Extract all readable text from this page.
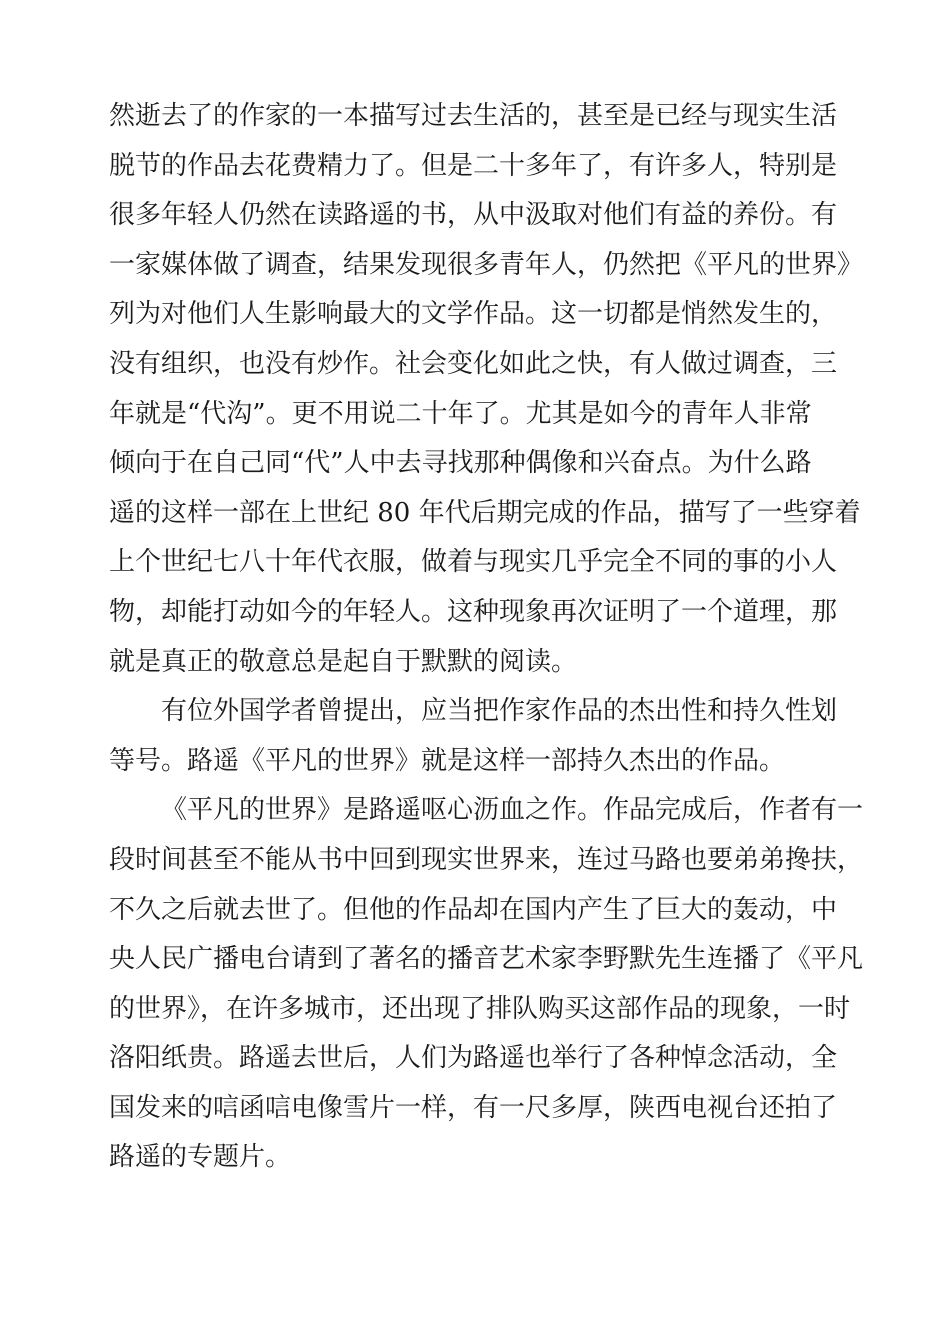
然逝去了的作家的一本描写过去生活的，甚至是已经与现实生活
脱节的作品去花费精力了。但是二十多年了，有许多人，特别是
很多年轻人仍然在读路遥的书，从中汲取对他们有益的养份。有
一家媒体做了调查，结果发现很多青年人，仍然把《平凡的世界》
列为对他们人生影响最大的文学作品。这一切都是悄然发生的，
没有组织，也没有炒作。社会变化如此之快，有人做过调查，三
年就是“代沟”。更不用说二十年了。尤其是如今的青年人非常
倾向于在自己同“代”人中去寻找那种偶像和兴奋点。为什么路
遥的这样一部在上世纪 80 年代后期完成的作品，描写了一些穿着
上个世纪七八十年代衣服，做着与现实几乎完全不同的事的小人
物，却能打动如今的年轻人。这种现象再次证明了一个道理，那
就是真正的敬意总是起自于默默的阅读。
有位外国学者曾提出，应当把作家作品的杰出性和持久性划
等号。路遥《平凡的世界》就是这样一部持久杰出的作品。
《平凡的世界》是路遥呕心沥血之作。作品完成后，作者有一
段时间甚至不能从书中回到现实世界来，连过马路也要弟弟搀扶，
不久之后就去世了。但他的作品却在国内产生了巨大的轰动，中
央人民广播电台请到了著名的播音艺术家李野默先生连播了《平凡
的世界》，在许多城市，还出现了排队购买这部作品的现象，一时
洛阳纸贵。路遥去世后，人们为路遥也举行了各种悼念活动，全
国发来的唁函唁电像雪片一样，有一尺多厚，陕西电视台还拍了
路遥的专题片。
